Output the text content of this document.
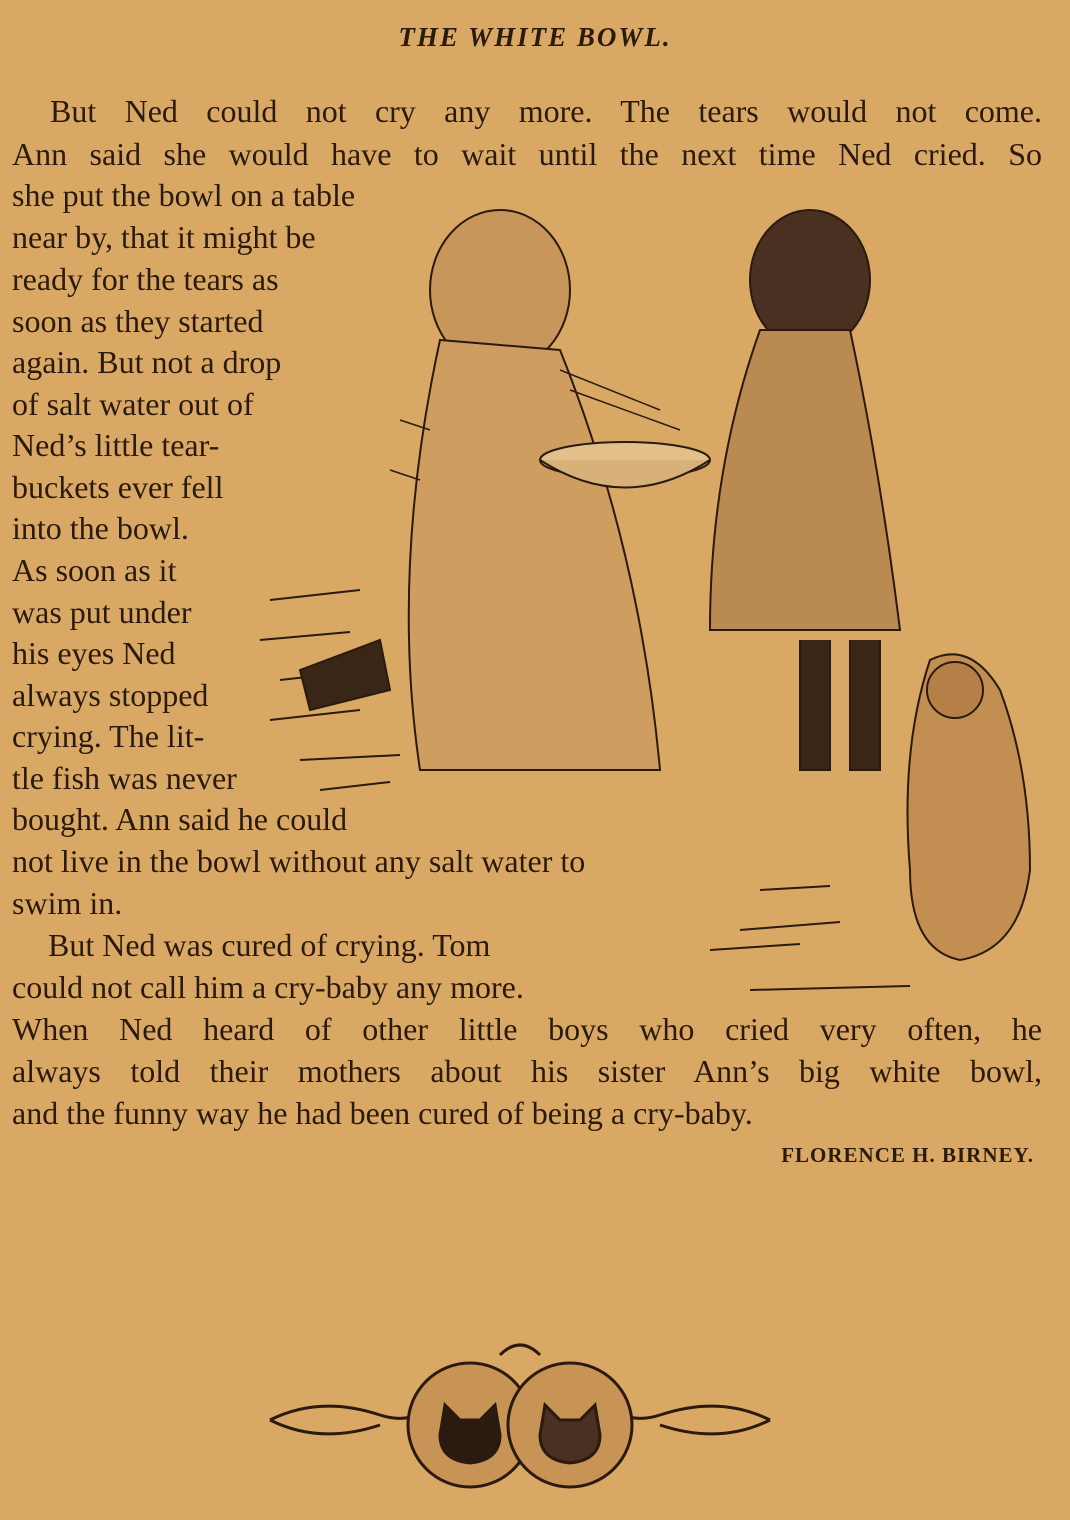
THE WHITE BOWL.
But Ned could not cry any more. The tears would not come.
Ann said she would have to wait until the next time Ned cried. So
she put the bowl on a table
near by, that it might be
ready for the tears as
soon as they started
again. But not a drop
of salt water out of
Ned’s little tear-
buckets ever fell
into the bowl.
As soon as it
was put under
his eyes Ned
always stopped
crying. The lit-
tle fish was never
bought. Ann said he could
not live in the bowl without any salt water to
swim in.
But Ned was cured of crying. Tom
could not call him a cry-baby any more.
When Ned heard of other little boys who cried very often, he
always told their mothers about his sister Ann’s big white bowl,
and the funny way he had been cured of being a cry-baby.
FLORENCE H. BIRNEY.
